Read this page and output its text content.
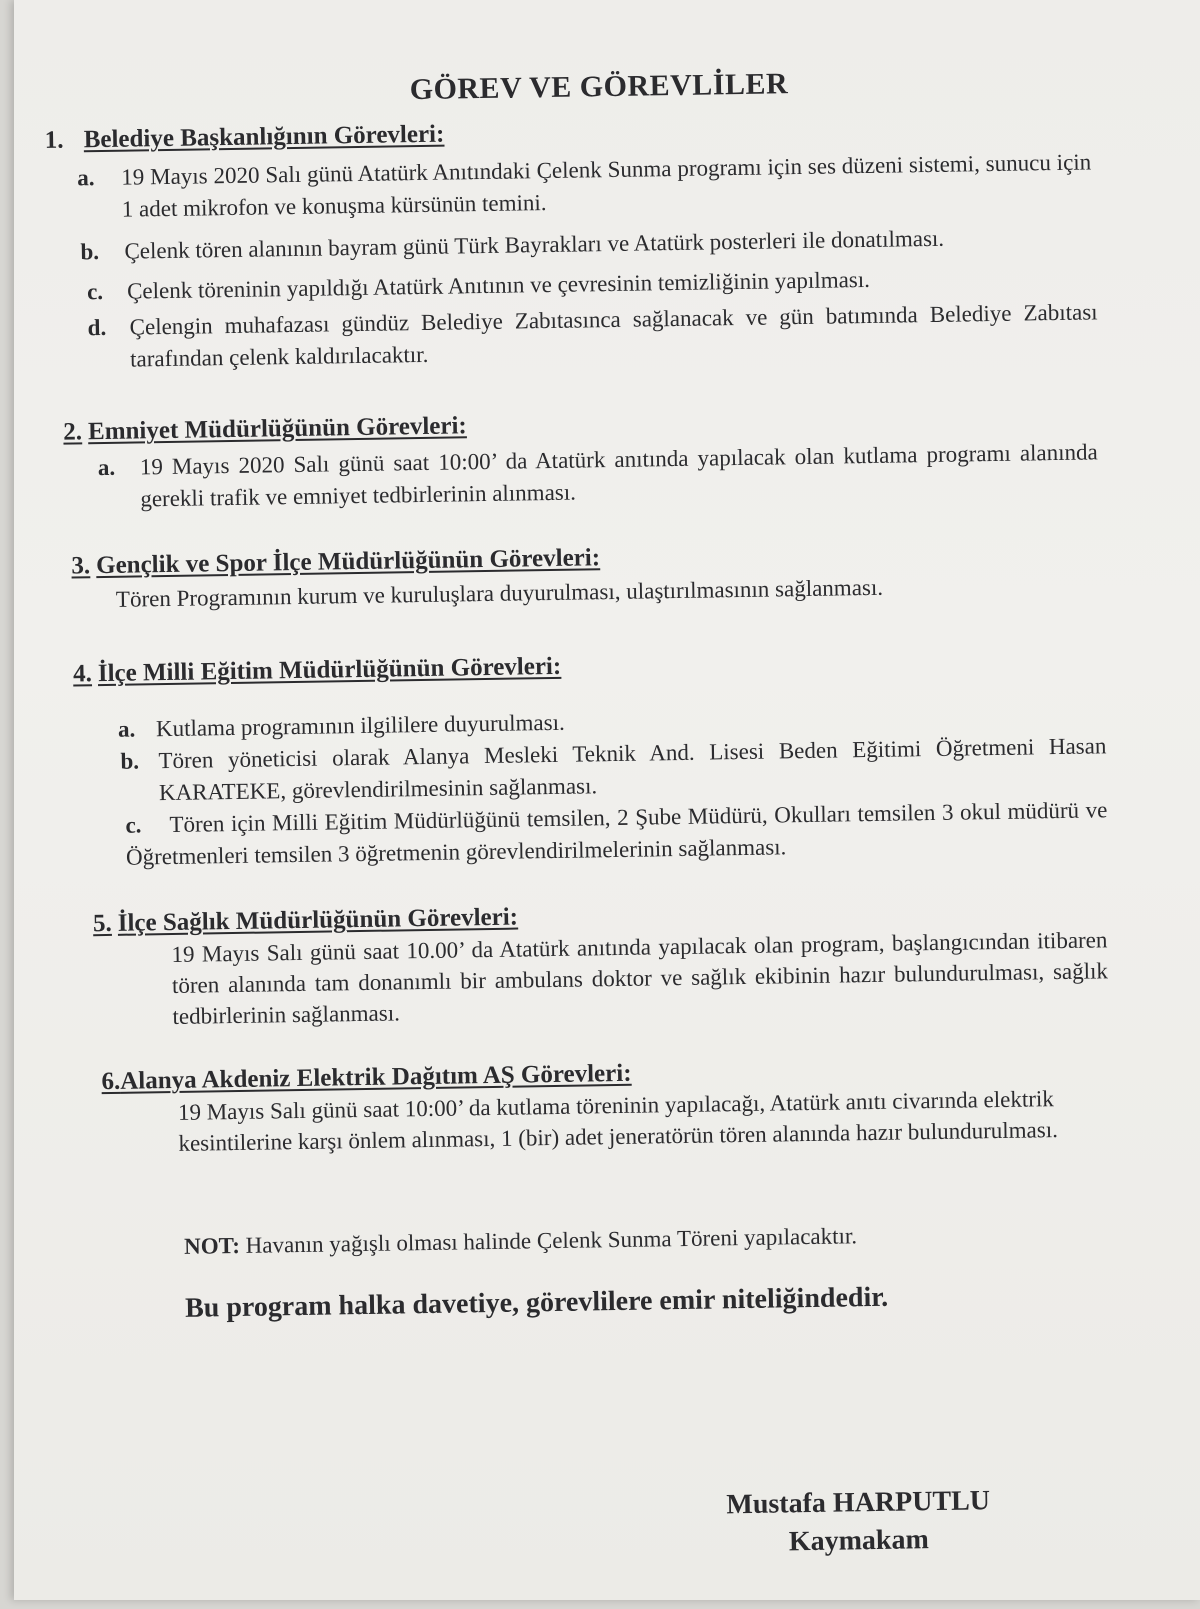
GÖREV VE GÖREVLİLER
1. Belediye Başkanlığının Görevleri:
a. 19 Mayıs 2020 Salı günü Atatürk Anıtındaki Çelenk Sunma programı için ses düzeni sistemi, sunucu için 1 adet mikrofon ve konuşma kürsünün temini.
b. Çelenk tören alanının bayram günü Türk Bayrakları ve Atatürk posterleri ile donatılması.
c. Çelenk töreninin yapıldığı Atatürk Anıtının ve çevresinin temizliğinin yapılması.
d. Çelengin muhafazası gündüz Belediye Zabıtasınca sağlanacak ve gün batımında Belediye Zabıtası tarafından çelenk kaldırılacaktır.
2. Emniyet Müdürlüğünün Görevleri:
a. 19 Mayıs 2020 Salı günü saat 10:00’ da Atatürk anıtında yapılacak olan kutlama programı alanında gerekli trafik ve emniyet tedbirlerinin alınması.
3. Gençlik ve Spor İlçe Müdürlüğünün Görevleri:
Tören Programının kurum ve kuruluşlara duyurulması, ulaştırılmasının sağlanması.
4. İlçe Milli Eğitim Müdürlüğünün Görevleri:
a. Kutlama programının ilgililere duyurulması.
b. Tören yöneticisi olarak Alanya Mesleki Teknik And. Lisesi Beden Eğitimi Öğretmeni Hasan KARATEKE, görevlendirilmesinin sağlanması.
c. Tören için Milli Eğitim Müdürlüğünü temsilen, 2 Şube Müdürü, Okulları temsilen 3 okul müdürü ve Öğretmenleri temsilen 3 öğretmenin görevlendirilmelerinin sağlanması.
5. İlçe Sağlık Müdürlüğünün Görevleri:
19 Mayıs Salı günü saat 10.00’ da Atatürk anıtında yapılacak olan program, başlangıcından itibaren tören alanında tam donanımlı bir ambulans doktor ve sağlık ekibinin hazır bulundurulması, sağlık tedbirlerinin sağlanması.
6.Alanya Akdeniz Elektrik Dağıtım AŞ Görevleri:
19 Mayıs Salı günü saat 10:00’ da kutlama töreninin yapılacağı, Atatürk anıtı civarında elektrik kesintilerine karşı önlem alınması, 1 (bir) adet jeneratörün tören alanında hazır bulundurulması.
NOT: Havanın yağışlı olması halinde Çelenk Sunma Töreni yapılacaktır.
Bu program halka davetiye, görevlilere emir niteliğindedir.
Mustafa HARPUTLU
Kaymakam
